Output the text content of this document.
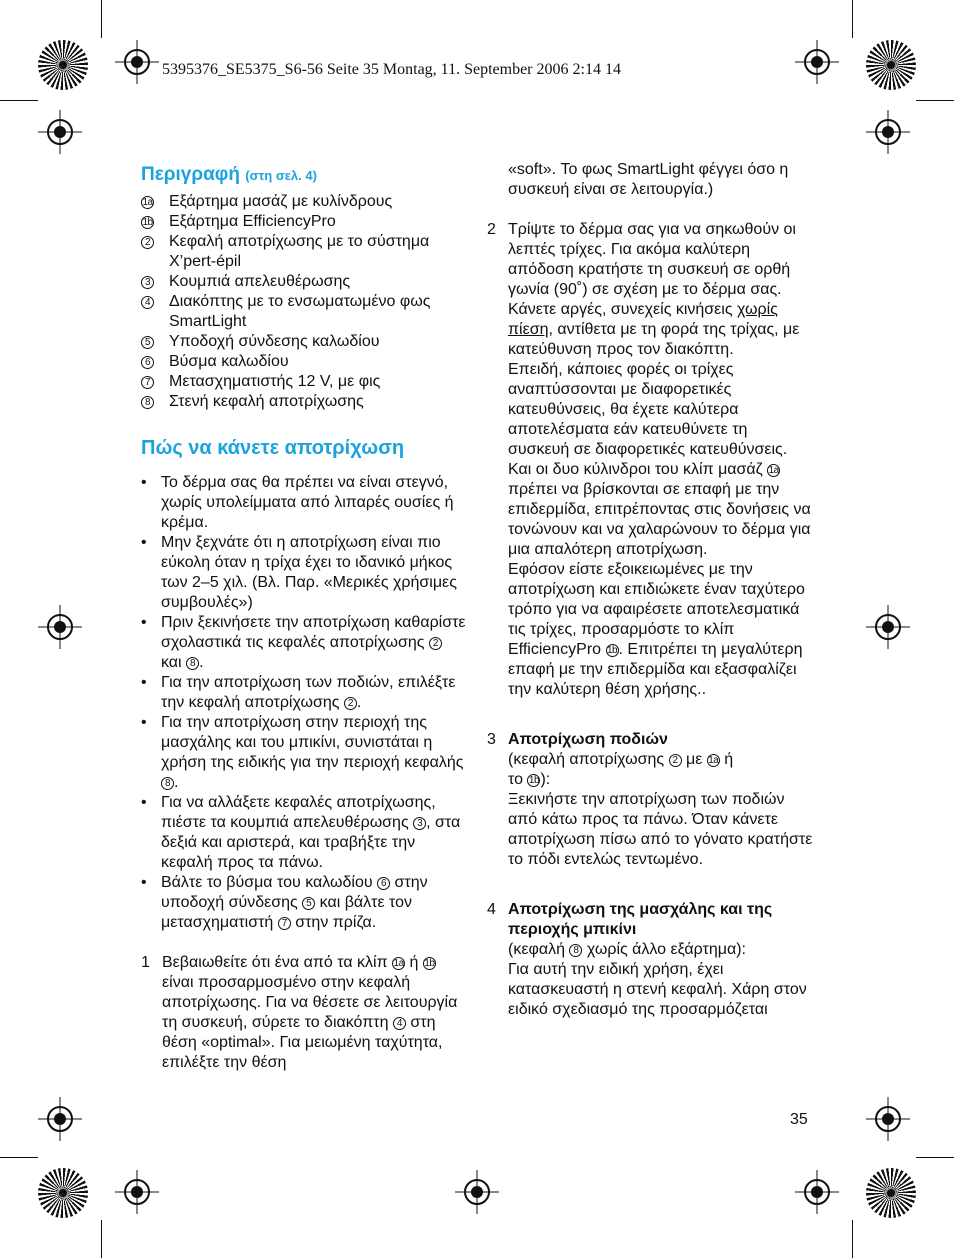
5395376_SE5375_S6-56 Seite 35 Montag, 11. September 2006 2:14 14
Περιγραφή (στη σελ. 4)
1a Εξάρτημα μασάζ με κυλίνδρους
1b Εξάρτημα EfficiencyPro
2 Κεφαλή αποτρίχωσης με το σύστημα
X’pert-épil
3 Κουμπιά απελευθέρωσης
4 Διακόπτης με το ενσωματωμένο φως
SmartLight
5 Υποδοχή σύνδεσης καλωδίου
6 Βύσμα καλωδίου
7 Μετασχηματιστής 12 V, με φις
8 Στενή κεφαλή αποτρίχωσης
Πώς να κάνετε αποτρίχωση
• Το δέρμα σας θα πρέπει να είναι στεγνό, χωρίς υπολείμματα από λιπαρές ουσίες ή κρέμα.
• Μην ξεχνάτε ότι η αποτρίχωση είναι πιο εύκολη όταν η τρίχα έχει το ιδανικό μήκος των 2–5 χιλ. (Βλ. Παρ. «Μερικές χρήσιμες συμβουλές»)
• Πριν ξεκινήσετε την αποτρίχωση καθαρίστε σχολαστικά τις κεφαλές αποτρίχωσης 2 και 8 .
• Για την αποτρίχωση των ποδιών, επιλέξτε την κεφαλή αποτρίχωσης 2 .
• Για την αποτρίχωση στην περιοχή της μασχάλης και του μπικίνι, συνιστάται η χρήση της ειδικής για την περιοχή κεφαλής 8 .
• Για να αλλάξετε κεφαλές αποτρίχωσης, πιέστε τα κουμπιά απελευθέρωσης 3 , στα δεξιά και αριστερά, και τραβήξτε την κεφαλή προς τα πάνω.
• Βάλτε το βύσμα του καλωδίου 6 στην υποδοχή σύνδεσης 5 και βάλτε τον μετασχηματιστή 7 στην πρίζα.
1 Βεβαιωθείτε ότι ένα από τα κλίπ 1a ή 1b είναι προσαρμοσμένο στην κεφαλή αποτρίχωσης. Για να θέσετε σε λειτουργία τη συσκευή, σύρετε το διακόπτη 4 στη θέση «optimal». Για μειωμένη ταχύτητα, επιλέξτε την θέση
«soft». Το φως SmartLight φέγγει όσο η συσκευή είναι σε λειτουργία.)
2 Τρίψτε το δέρμα σας για να σηκωθούν οι λεπτές τρίχες. Για ακόμα καλύτερη απόδοση κρατήστε τη συσκευή σε ορθή γωνία (90˚) σε σχέση με το δέρμα σας. Κάνετε αργές, συνεχείς κινήσεις χωρίς πίεση, αντίθετα με τη φορά της τρίχας, με κατεύθυνση προς τον διακόπτη.
Επειδή, κάποιες φορές οι τρίχες αναπτύσσονται με διαφορετικές κατευθύνσεις, θα έχετε καλύτερα αποτελέσματα εάν κατευθύνετε τη συσκευή σε διαφορετικές κατευθύνσεις.
Και οι δυο κύλινδροι του κλίπ μασάζ 1a πρέπει να βρίσκονται σε επαφή με την επιδερμίδα, επιτρέποντας στις δονήσεις να τονώνουν και να χαλαρώνουν το δέρμα για μια απαλότερη αποτρίχωση.
Εφόσον είστε εξοικειωμένες με την αποτρίχωση και επιδιώκετε έναν ταχύτερο τρόπο για να αφαιρέσετε αποτελεσματικά τις τρίχες, προσαρμόστε το κλίπ EfficiencyPro 1b. Επιτρέπει τη μεγαλύτερη επαφή με την επιδερμίδα και εξασφαλίζει την καλύτερη θέση χρήσης..
3 Αποτρίχωση ποδιών
(κεφαλή αποτρίχωσης 2 με 1a ή
το 1b):
Ξεκινήστε την αποτρίχωση των ποδιών από κάτω προς τα πάνω. Όταν κάνετε αποτρίχωση πίσω από το γόνατο κρατήστε το πόδι εντελώς τεντωμένο.
4 Αποτρίχωση της μασχάλης και της περιοχής μπικίνι
(κεφαλή 8 χωρίς άλλο εξάρτημα):
Για αυτή την ειδική χρήση, έχει κατασκευαστή η στενή κεφαλή. Χάρη στον ειδικό σχεδιασμό της προσαρμόζεται
35
